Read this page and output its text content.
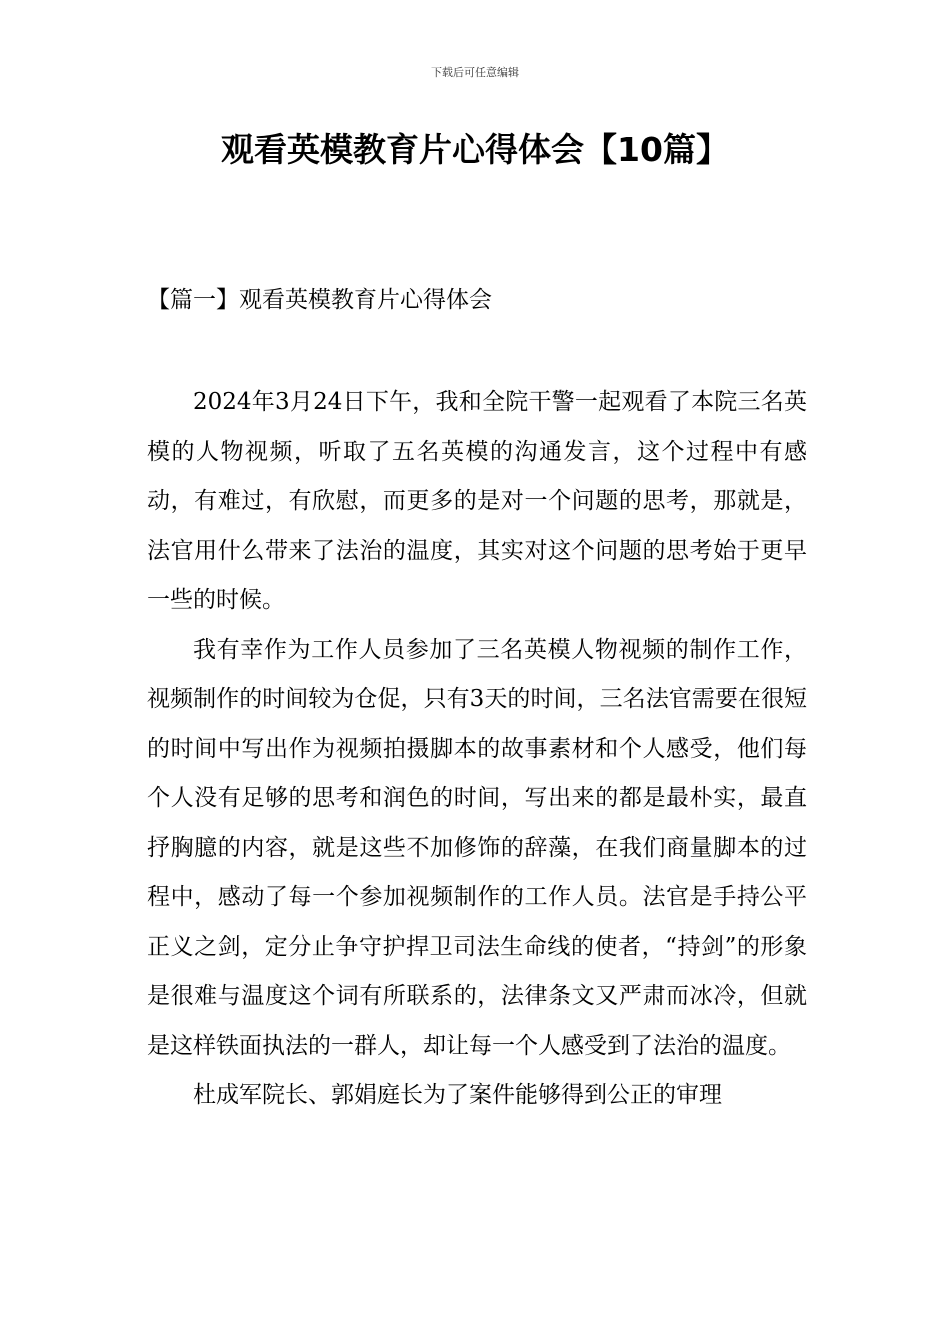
下载后可任意编辑
观看英模教育片心得体会【10篇】
【篇一】观看英模教育片心得体会

2024年3月24日下午，我和全院干警一起观看了本院三名英模的人物视频，听取了五名英模的沟通发言，这个过程中有感动，有难过，有欣慰，而更多的是对一个问题的思考，那就是，法官用什么带来了法治的温度，其实对这个问题的思考始于更早一些的时候。

我有幸作为工作人员参加了三名英模人物视频的制作工作，视频制作的时间较为仓促，只有3天的时间，三名法官需要在很短的时间中写出作为视频拍摄脚本的故事素材和个人感受，他们每个人没有足够的思考和润色的时间，写出来的都是最朴实，最直抒胸臆的内容，就是这些不加修饰的辞藻，在我们商量脚本的过程中，感动了每一个参加视频制作的工作人员。法官是手持公平正义之剑，定分止争守护捍卫司法生命线的使者，“持剑”的形象是很难与温度这个词有所联系的，法律条文又严肃而冰冷，但就是这样铁面执法的一群人，却让每一个人感受到了法治的温度。

杜成军院长、郭娟庭长为了案件能够得到公正的审理
